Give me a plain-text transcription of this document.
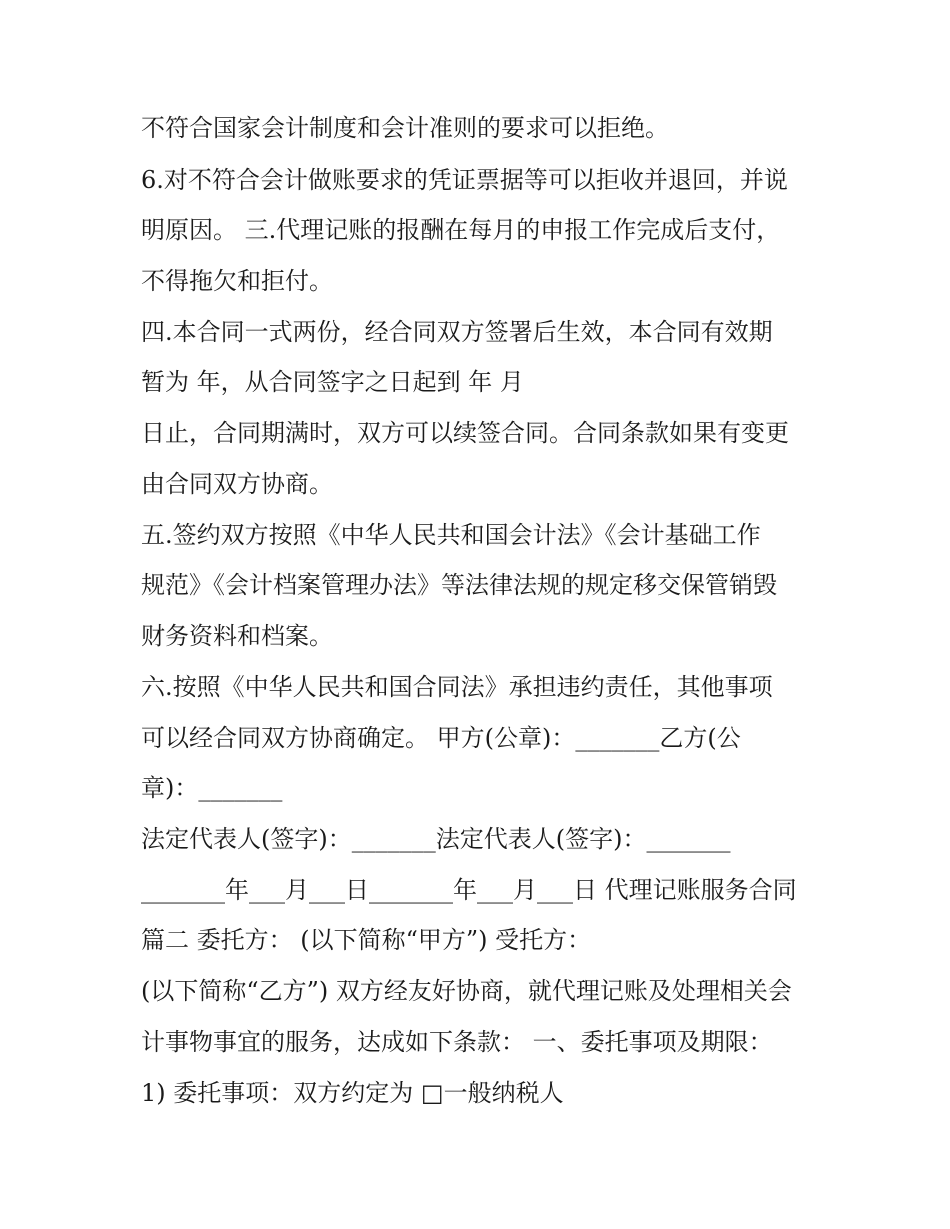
不符合国家会计制度和会计准则的要求可以拒绝。
6.对不符合会计做账要求的凭证票据等可以拒收并退回，并说
明原因。 三.代理记账的报酬在每月的申报工作完成后支付，
不得拖欠和拒付。
四.本合同一式两份，经合同双方签署后生效，本合同有效期
暂为 年，从合同签字之日起到 年 月
日止，合同期满时，双方可以续签合同。合同条款如果有变更
由合同双方协商。
五.签约双方按照《中华人民共和国会计法》《会计基础工作
规范》《会计档案管理办法》等法律法规的规定移交保管销毁
财务资料和档案。
六.按照《中华人民共和国合同法》承担违约责任，其他事项
可以经合同双方协商确定。 甲方(公章)：_______乙方(公
章)：_______
法定代表人(签字)：_______法定代表人(签字)：_______
_______年___月___日_______年___月___日 代理记账服务合同
篇二 委托方： (以下简称“甲方”) 受托方：
(以下简称“乙方”) 双方经友好协商，就代理记账及处理相关会
计事物事宜的服务，达成如下条款： 一、委托事项及期限：
1) 委托事项：双方约定为 □一般纳税人
